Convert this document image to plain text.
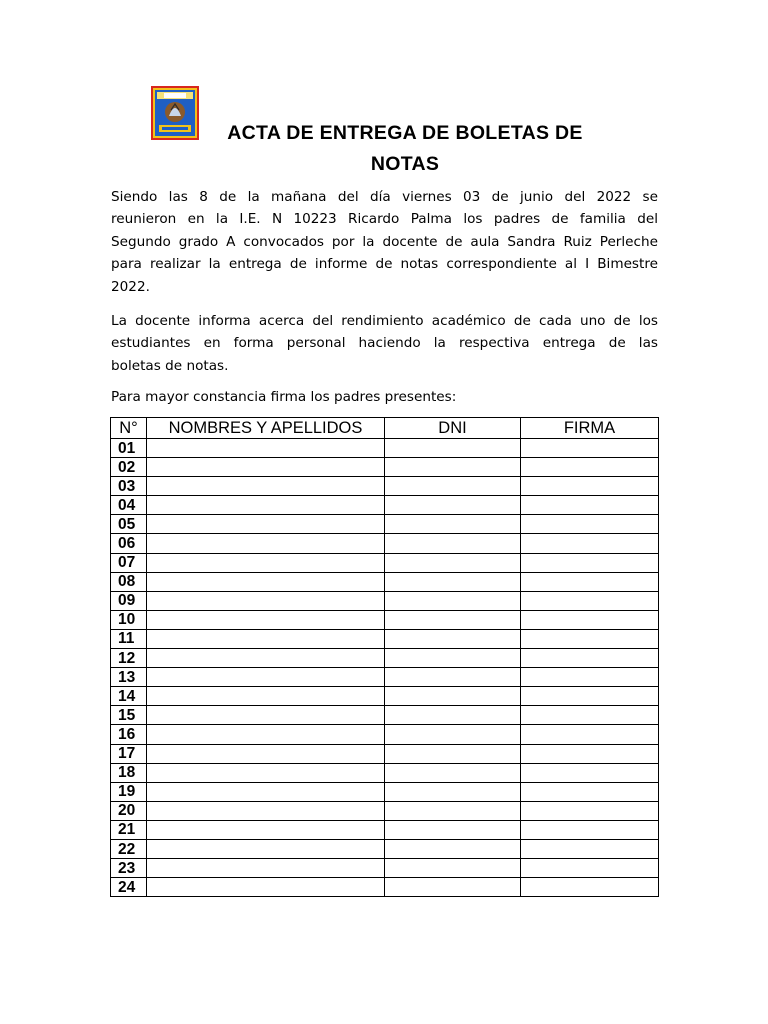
ACTA DE ENTREGA DE BOLETAS DE
NOTAS
Siendo las 8 de la mañana del día viernes 03 de junio del 2022 se
reunieron en la I.E. N 10223 Ricardo Palma los padres de familia del
Segundo grado A convocados por la docente de aula Sandra Ruiz Perleche
para realizar la entrega de informe de notas correspondiente al I Bimestre
2022.
La docente informa acerca del rendimiento académico de cada uno de los
estudiantes en forma personal haciendo la respectiva entrega de las
boletas de notas.
Para mayor constancia firma los padres presentes:
N°	NOMBRES Y APELLIDOS	DNI	FIRMA
01			
02			
03			
04			
05			
06			
07			
08			
09			
10			
11			
12			
13			
14			
15			
16			
17			
18			
19			
20			
21			
22			
23			
24			
